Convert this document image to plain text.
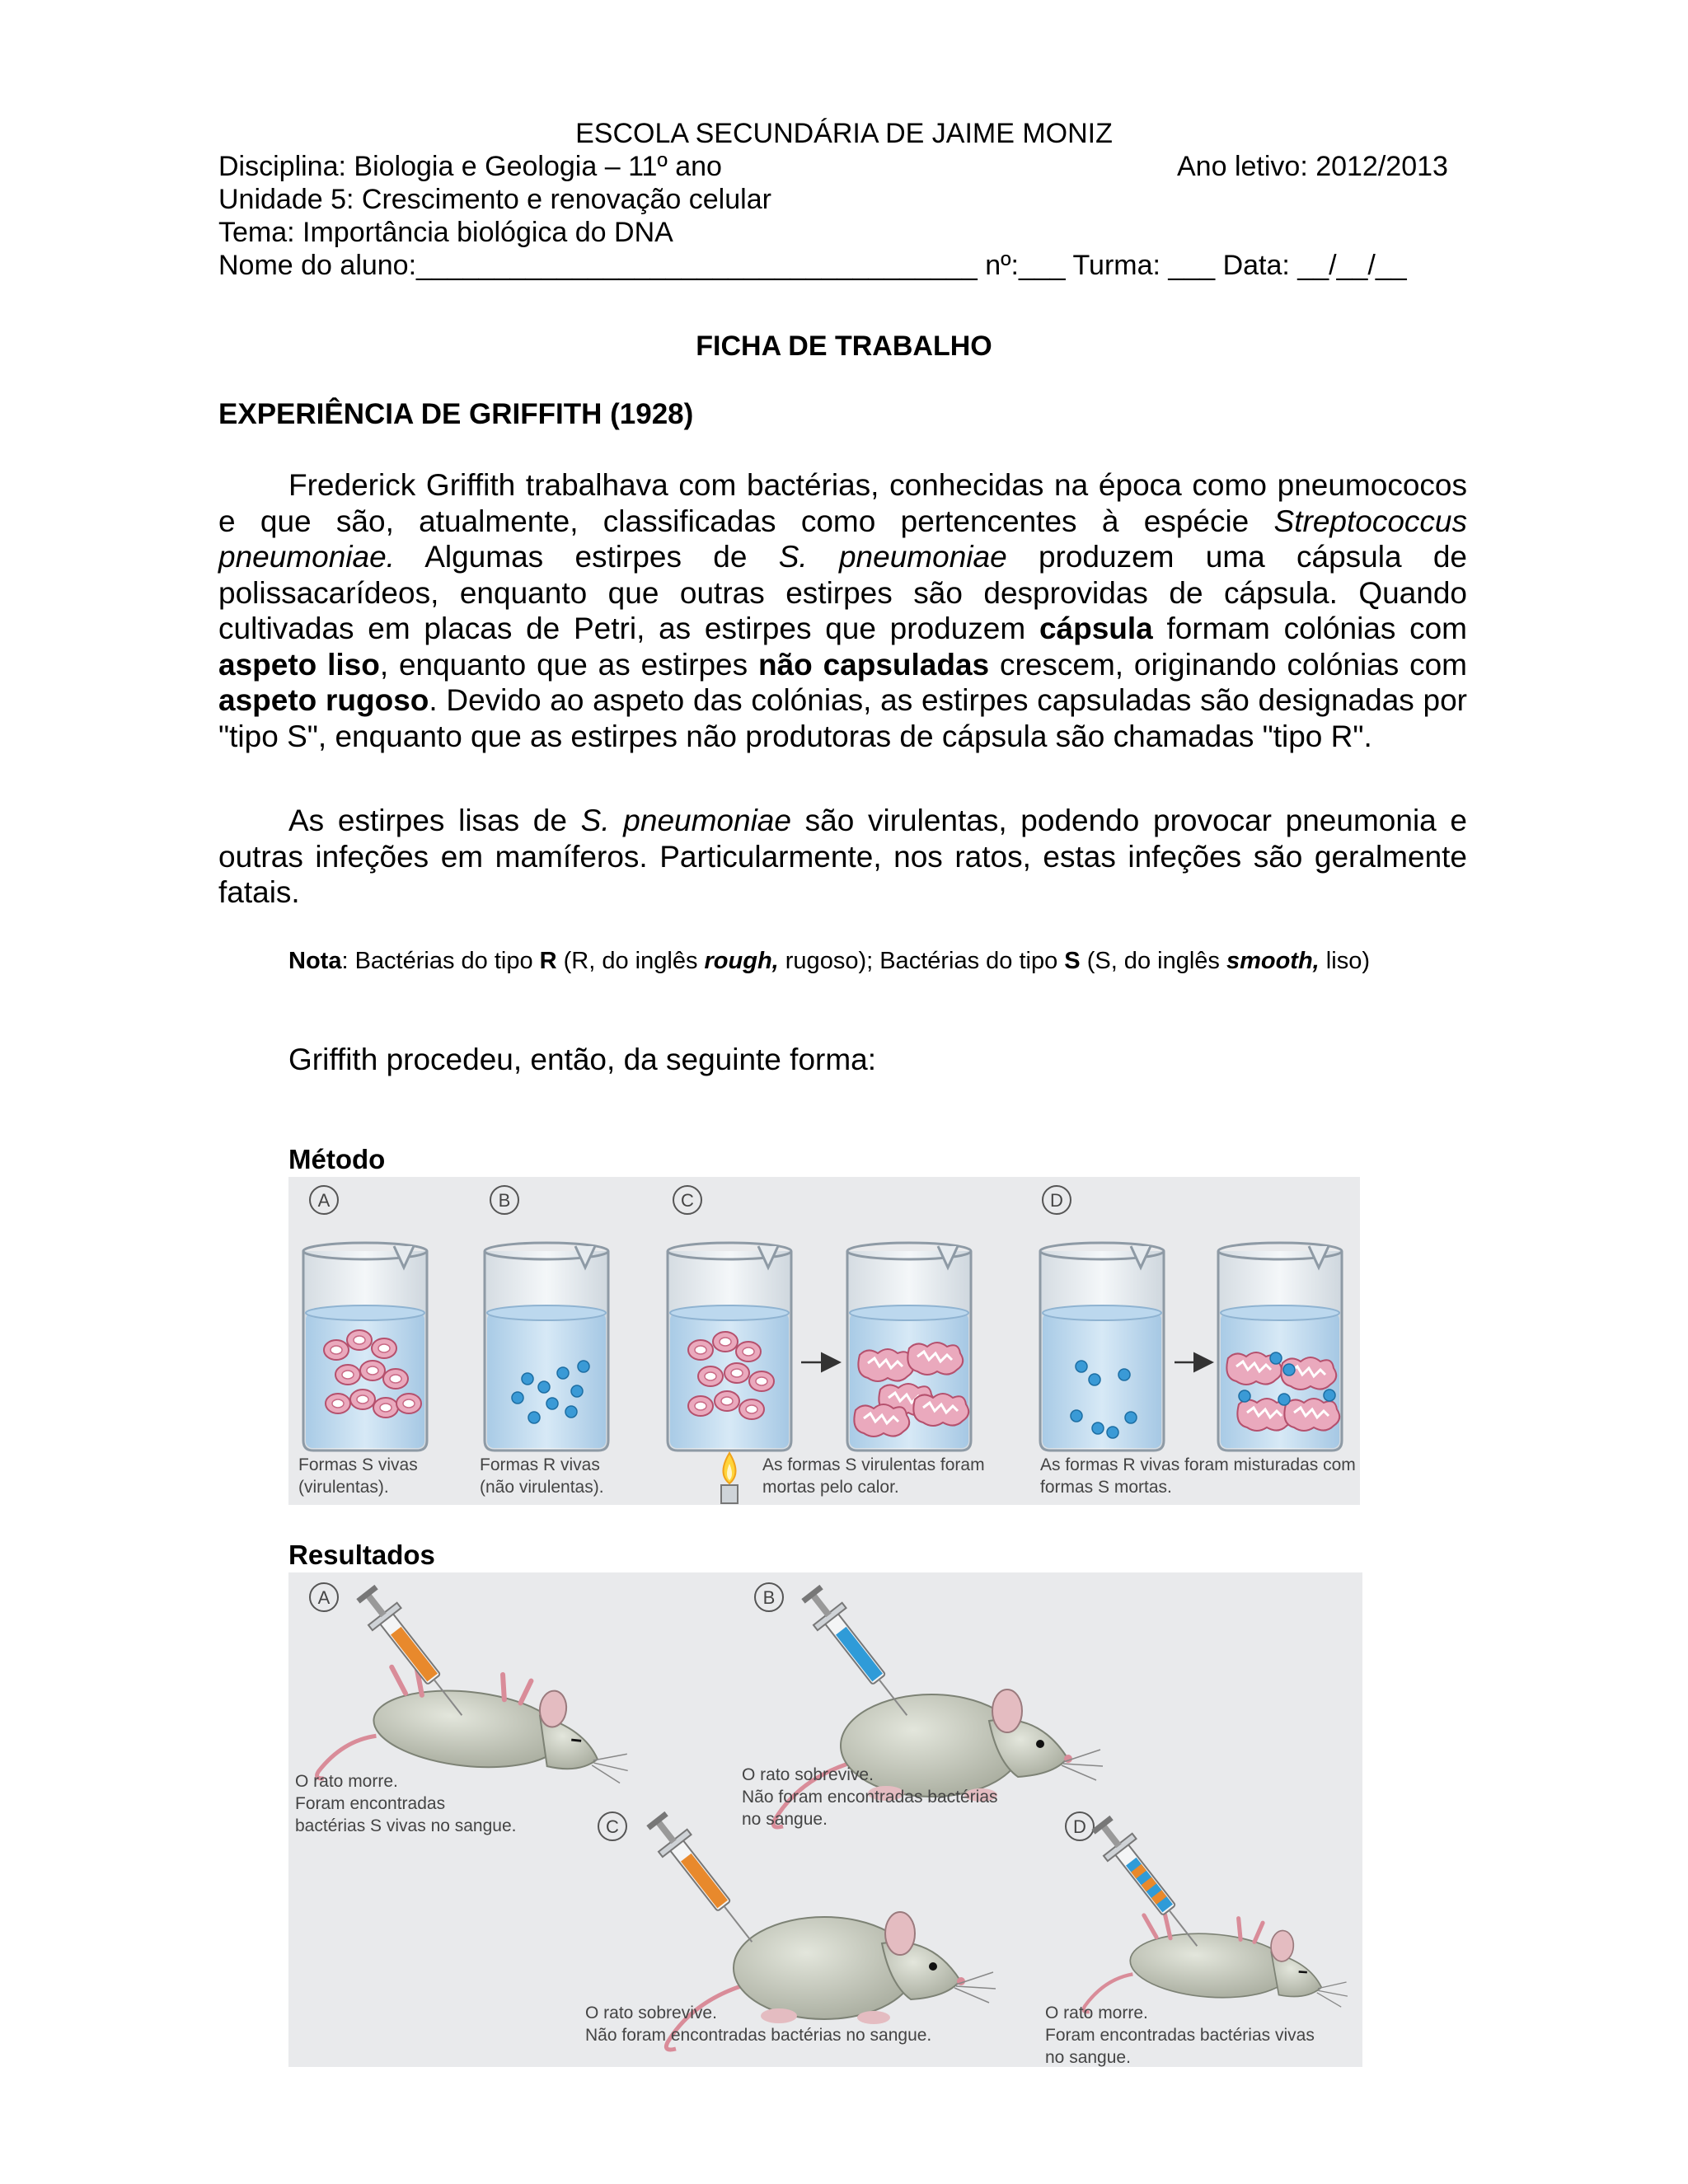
ESCOLA SECUNDÁRIA DE JAIME MONIZ
Disciplina: Biologia e Geologia – 11º ano	Ano letivo: 2012/2013
Unidade 5: Crescimento e renovação celular
Tema: Importância biológica do DNA
Nome do aluno:____________________________________ nº:___ Turma: ___ Data: __/__/__
FICHA DE TRABALHO
EXPERIÊNCIA DE GRIFFITH (1928)
Frederick Griffith trabalhava com bactérias, conhecidas na época como pneumococos e que são, atualmente, classificadas como pertencentes à espécie Streptococcus pneumoniae. Algumas estirpes de S. pneumoniae produzem uma cápsula de polissacarídeos, enquanto que outras estirpes são desprovidas de cápsula. Quando cultivadas em placas de Petri, as estirpes que produzem cápsula formam colónias com aspeto liso, enquanto que as estirpes não capsuladas crescem, originando colónias com aspeto rugoso. Devido ao aspeto das colónias, as estirpes capsuladas são designadas por "tipo S", enquanto que as estirpes não produtoras de cápsula são chamadas "tipo R".
As estirpes lisas de S. pneumoniae são virulentas, podendo provocar pneumonia e outras infeções em mamíferos. Particularmente, nos ratos, estas infeções são geralmente fatais.
Nota: Bactérias do tipo R (R, do inglês rough, rugoso); Bactérias do tipo S (S, do inglês smooth, liso)
Griffith procedeu, então, da seguinte forma:
Método
A	B	C	D
Formas S vivas
(virulentas).
Formas R vivas
(não virulentas).
As formas S virulentas foram
mortas pelo calor.
As formas R vivas foram misturadas com
formas S mortas.
Resultados
A	B
C	D
O rato morre.
Foram encontradas
bactérias S vivas no sangue.
O rato sobrevive.
Não foram encontradas bactérias
no sangue.
O rato sobrevive.
Não foram encontradas bactérias no sangue.
O rato morre.
Foram encontradas bactérias vivas
no sangue.
